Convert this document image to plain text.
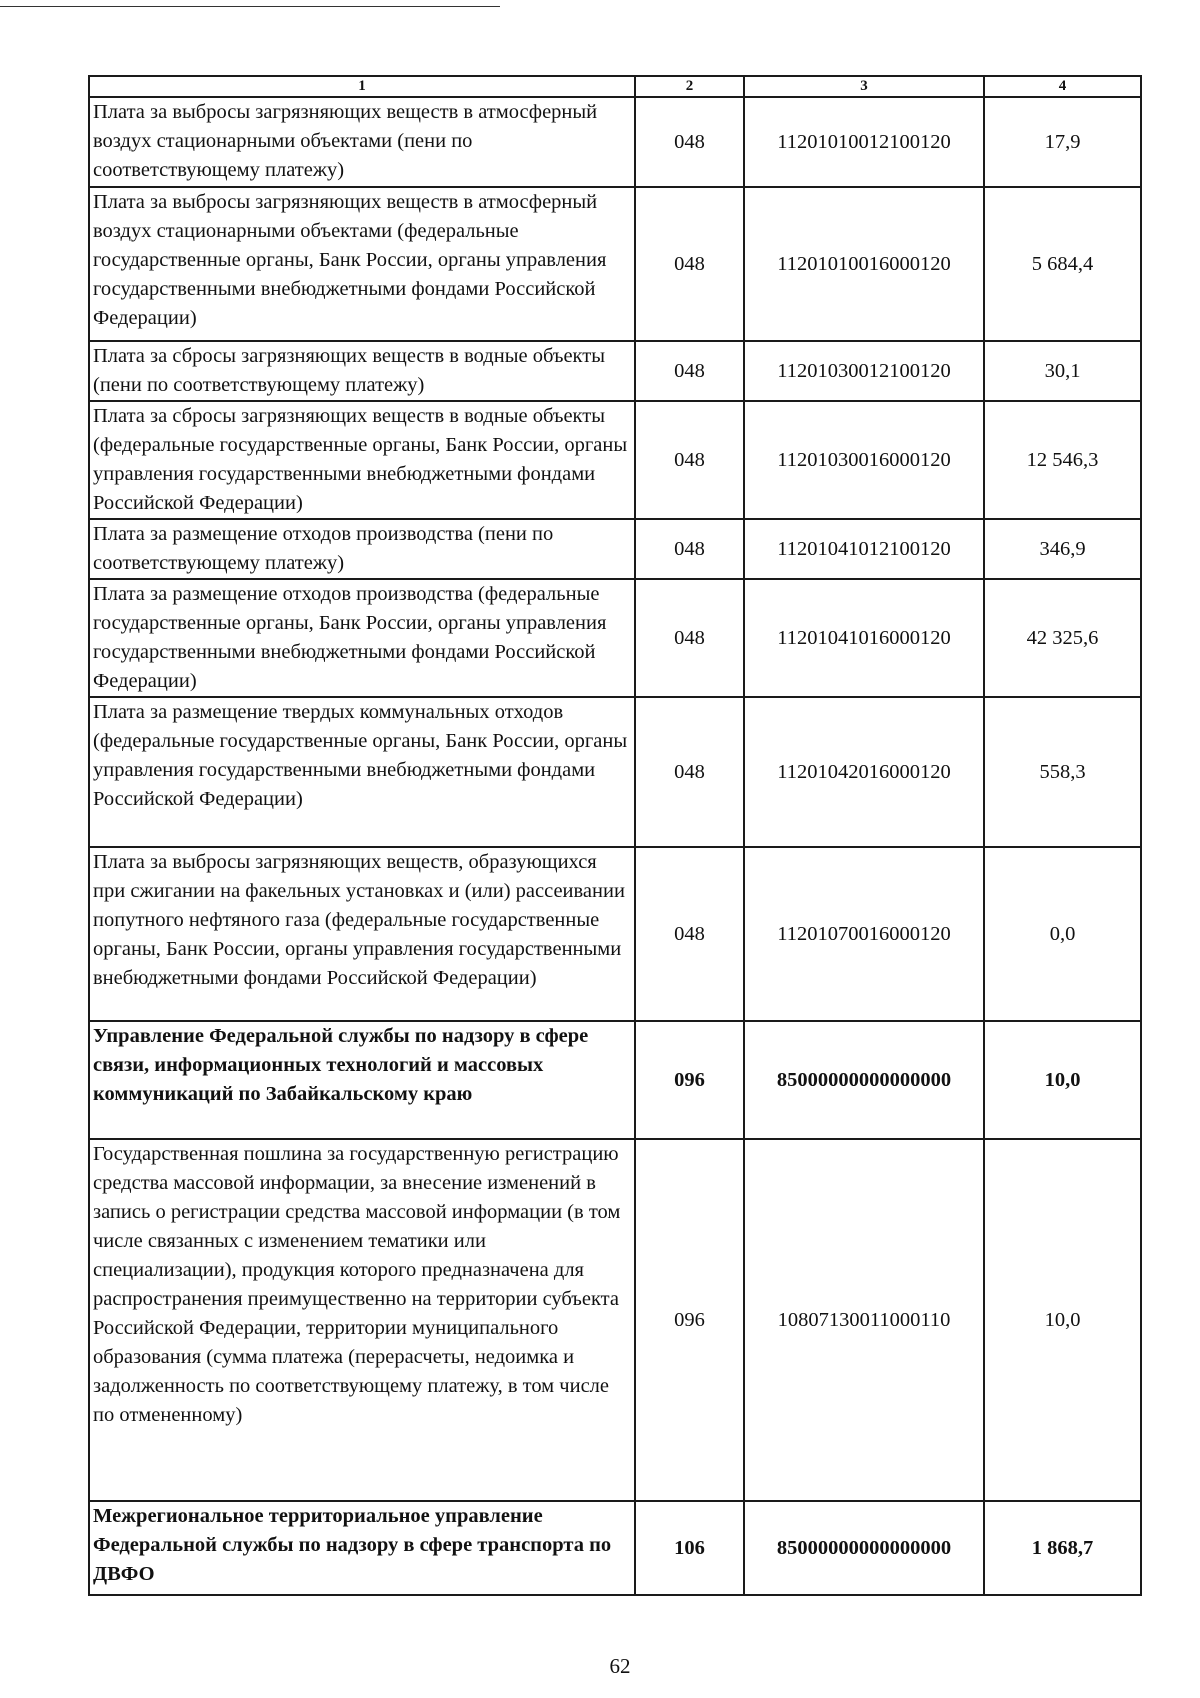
1	2	3	4
Плата за выбросы загрязняющих веществ в атмосферный воздух стационарными объектами (пени по соответствующему платежу)	048	11201010012100120	17,9
Плата за выбросы загрязняющих веществ в атмосферный воздух стационарными объектами (федеральные государственные органы, Банк России, органы управления государственными внебюджетными фондами Российской Федерации)	048	11201010016000120	5 684,4
Плата за сбросы загрязняющих веществ в водные объекты (пени по соответствующему платежу)	048	11201030012100120	30,1
Плата за сбросы загрязняющих веществ в водные объекты (федеральные государственные органы, Банк России, органы управления государственными внебюджетными фондами Российской Федерации)	048	11201030016000120	12 546,3
Плата за размещение отходов производства (пени по соответствующему платежу)	048	11201041012100120	346,9
Плата за размещение отходов производства (федеральные государственные органы, Банк России, органы управления государственными внебюджетными фондами Российской Федерации)	048	11201041016000120	42 325,6
Плата за размещение твердых коммунальных отходов (федеральные государственные органы, Банк России, органы управления государственными внебюджетными фондами Российской Федерации)	048	11201042016000120	558,3
Плата за выбросы загрязняющих веществ, образующихся при сжигании на факельных установках и (или) рассеивании попутного нефтяного газа (федеральные государственные органы, Банк России, органы управления государственными внебюджетными фондами Российской Федерации)	048	11201070016000120	0,0
Управление Федеральной службы по надзору в сфере связи, информационных технологий и массовых коммуникаций по Забайкальскому краю	096	85000000000000000	10,0
Государственная пошлина за государственную регистрацию средства массовой информации, за внесение изменений в запись о регистрации средства массовой информации (в том числе связанных с изменением тематики или специализации), продукция которого предназначена для распространения преимущественно на территории субъекта Российской Федерации, территории муниципального образования (сумма платежа (перерасчеты, недоимка и задолженность по соответствующему платежу, в том числе по отмененному)	096	10807130011000110	10,0
Межрегиональное территориальное управление Федеральной службы по надзору в сфере транспорта по ДВФО	106	85000000000000000	1 868,7
62
